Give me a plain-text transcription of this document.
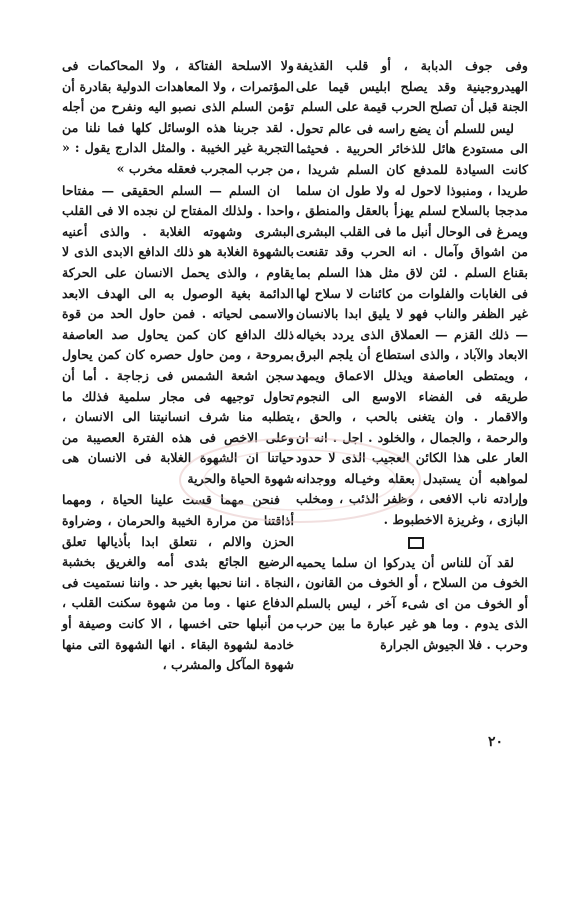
وفى جوف الدبابة ، أو قلب القذيفة الهيدروجينية وقد يصلح ابليس قيما على الجنة قبل أن تصلح الحرب قيمة على السلم

ليس للسلم أن يضع راسه فى عالم تحول الى مستودع هائل للذخائر الحربية . فحيثما كانت السيادة للمدفع كان السلم شريدا ، طريدا ، ومنبوذا لاحول له ولا طول ان سلما مدججا بالسلاح لسلم يهزأ بالعقل والمنطق ، ويمرغ فى الوحال أنبل ما فى القلب البشرى من اشواق وآمال . انه الحرب وقد تقنعت بقناع السلم . لئن لاق مثل هذا السلم بما فى الغابات والفلوات من كائنات لا سلاح لها غير الظفر والناب فهو لا يليق ابدا بالانسان — ذلك القزم — العملاق الذى يردد بخياله الابعاد والآباد ، والذى استطاع أن يلجم البرق ، ويمتطى العاصفة ويذلل الاعماق ويمهد طريقه فى الفضاء الاوسع الى النجوم والاقمار . وان يتغنى بالحب ، والحق ، والرحمة ، والجمال ، والخلود . اجل . انه ان العار على هذا الكائن العجيب الذى لا حدود لمواهبه أن يستبدل بعقله وخيـاله ووجدانه وإرادته ناب الافعى ، وظفر الذئب ، ومخلب البازى ، وغريزة الاخطبوط .

لقد آن للناس أن يدركوا ان سلما يحميه الخوف من السلاح ، أو الخوف من القانون ، أو الخوف من اى شىء آخر ، ليس بالسلم الذى يدوم . وما هو غير عبارة ما بين حرب وحرب . فلا الجيوش الجرارة

ولا الاسلحة الفتاكة ، ولا المحاكمات فى المؤتمرات ، ولا المعاهدات الدولية بقادرة أن تؤمن السلم الذى نصبو اليه ونفرح من أجله . لقد جربنا هذه الوسائل كلها فما نلنا من التجربة غير الخيبة . والمثل الدارج يقول : « من جرب المجرب فعقله مخرب »

ان السلم — السلم الحقيقى — مفتاحا واحدا . ولذلك المفتاح لن نجده الا فى القلب البشرى وشهوته الغلابة . والذى أعنيه بالشهوة الغلابة هو ذلك الدافع الابدى الذى لا يقاوم ، والذى يحمل الانسان على الحركة الدائمة بغية الوصول به الى الهدف الابعد والاسمى لحياته . فمن حاول الحد من قوة ذلك الدافع كان كمن يحاول صد العاصفة بمروحة ، ومن حاول حصره كان كمن يحاول سجن اشعة الشمس فى زجاجة . أما أن تحاول توجيهه فى مجار سلمية فذلك ما يتطلبه منا شرف انسانيتنا الى الانسان ، وعلى الاخص فى هذه الفترة العصيبة من حياتنا ان الشهوة الغلابة فى الانسان هى شهوة الحياة والحرية

فنحن مهما قست علينا الحياة ، ومهما أذاقتنا من مرارة الخيبة والحرمان ، وضراوة الحزن والالم ، نتعلق ابدا بأذيالها تعلق الرضيع الجائع بثدى أمه والغريق بخشبة النجاة . اننا نحبها بغير حد . واننا نستميت فى الدفاع عنها . وما من شهوة سكنت القلب ، من أنبلها حتى اخسها ، الا كانت وصيفة أو خادمة لشهوة البقاء . انها الشهوة التى منها شهوة المآكل والمشرب ،

٢٠
